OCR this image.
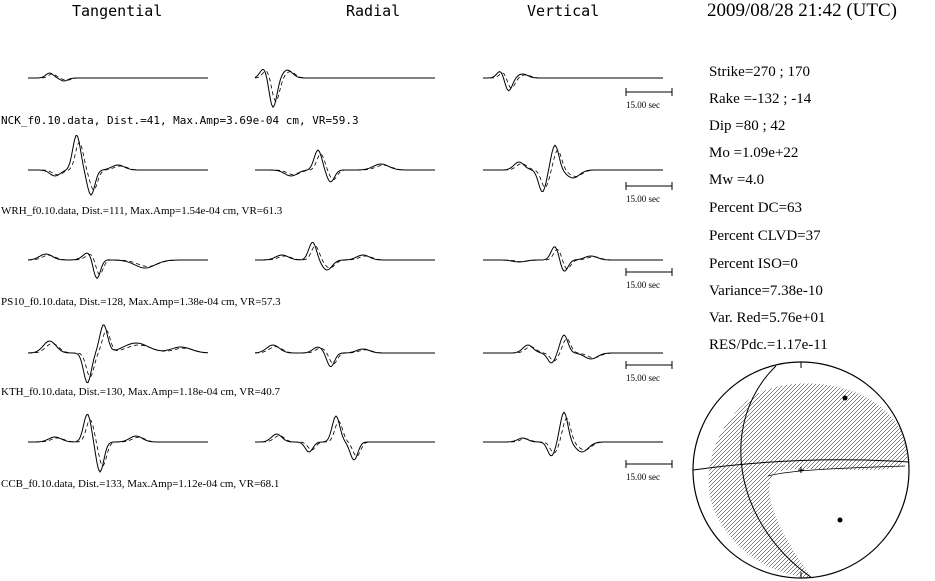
Tangential	Radial	Vertical	2009/08/28 21:42 (UTC)
Strike=270 ; 170
Rake =-132 ; -14
Dip =80 ; 42
Mo =1.09e+22
Mw =4.0
Percent DC=63
Percent CLVD=37
Percent ISO=0
Variance=7.38e-10
Var. Red=5.76e+01
RES/Pdc.=1.17e-11
NCK_f0.10.data, Dist.=41, Max.Amp=3.69e-04 cm, VR=59.3
WRH_f0.10.data, Dist.=111, Max.Amp=1.54e-04 cm, VR=61.3
PS10_f0.10.data, Dist.=128, Max.Amp=1.38e-04 cm, VR=57.3
KTH_f0.10.data, Dist.=130, Max.Amp=1.18e-04 cm, VR=40.7
CCB_f0.10.data, Dist.=133, Max.Amp=1.12e-04 cm, VR=68.1
15.00 sec
15.00 sec
15.00 sec
15.00 sec
15.00 sec
